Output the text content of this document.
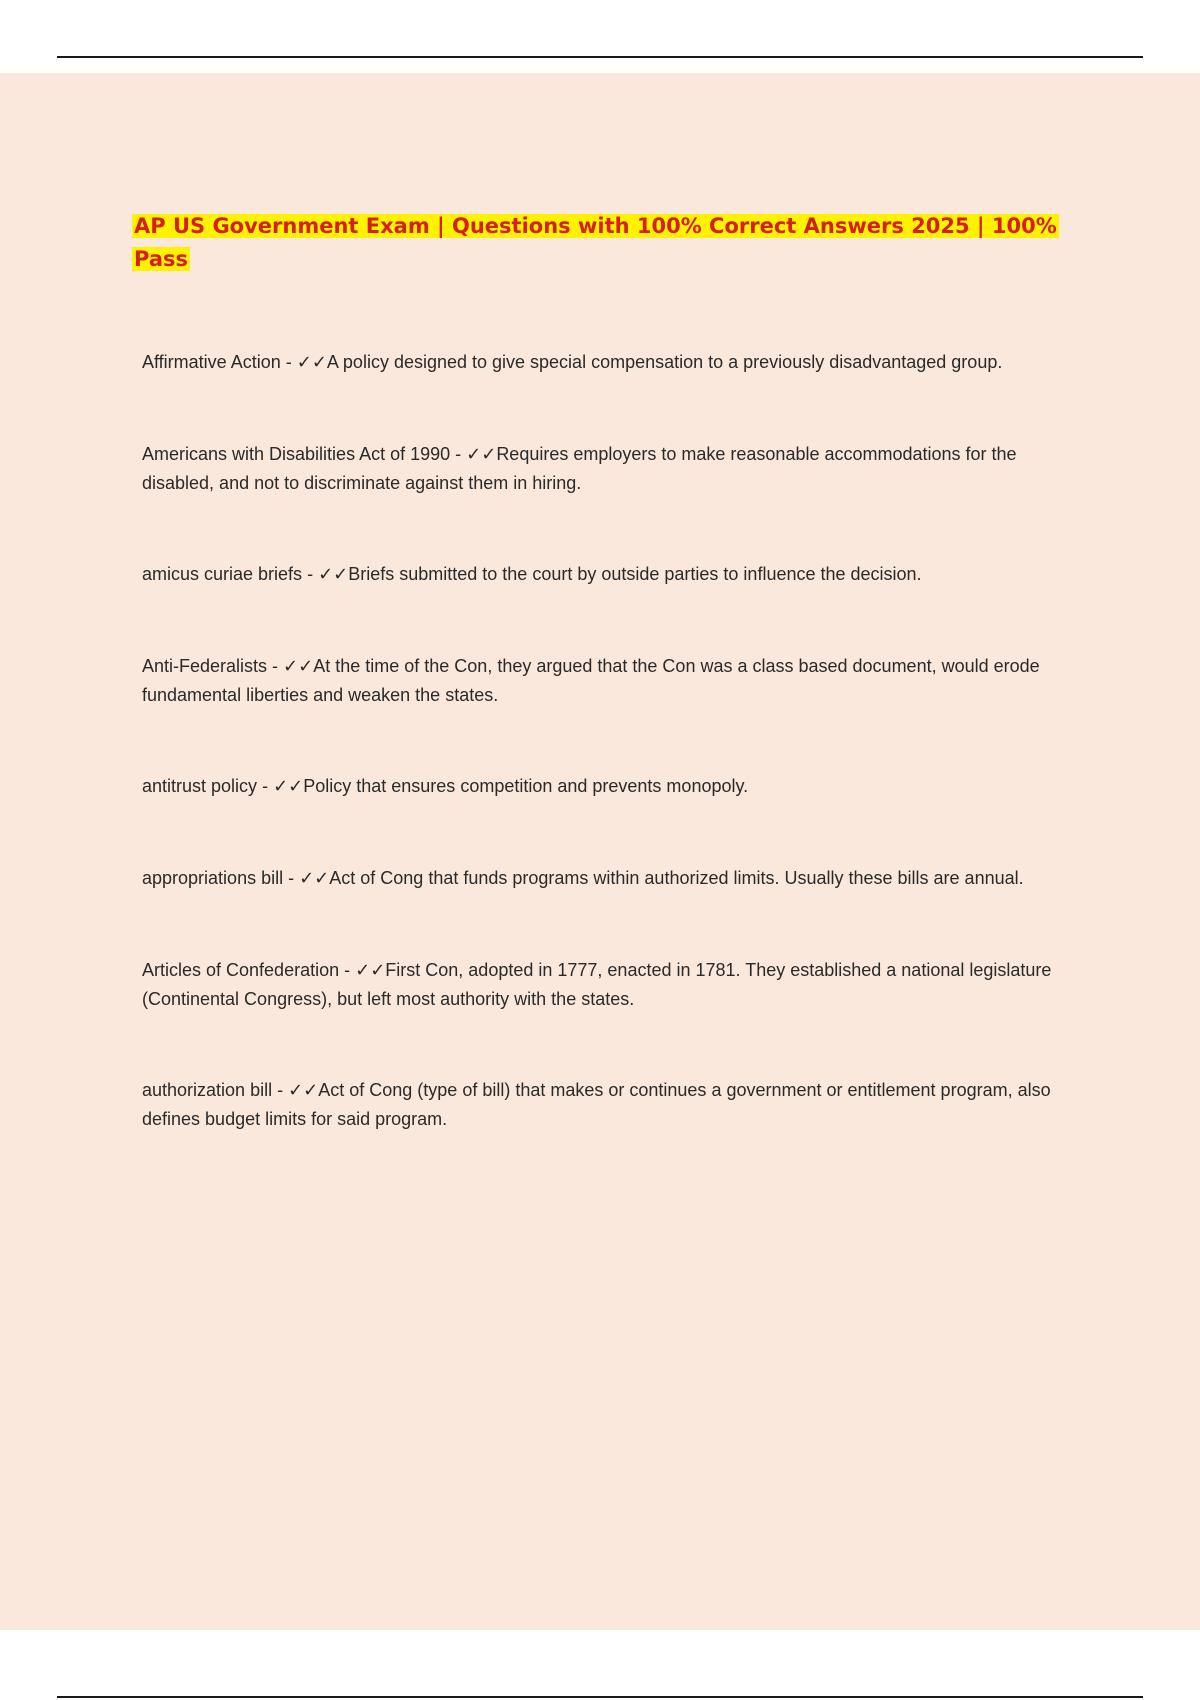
AP US Government Exam | Questions with 100% Correct Answers 2025 | 100% Pass
Affirmative Action - ✓✓A policy designed to give special compensation to a previously disadvantaged group.
Americans with Disabilities Act of 1990 - ✓✓Requires employers to make reasonable accommodations for the disabled, and not to discriminate against them in hiring.
amicus curiae briefs - ✓✓Briefs submitted to the court by outside parties to influence the decision.
Anti-Federalists - ✓✓At the time of the Con, they argued that the Con was a class based document, would erode fundamental liberties and weaken the states.
antitrust policy - ✓✓Policy that ensures competition and prevents monopoly.
appropriations bill - ✓✓Act of Cong that funds programs within authorized limits. Usually these bills are annual.
Articles of Confederation - ✓✓First Con, adopted in 1777, enacted in 1781. They established a national legislature (Continental Congress), but left most authority with the states.
authorization bill - ✓✓Act of Cong (type of bill) that makes or continues a government or entitlement program, also defines budget limits for said program.
